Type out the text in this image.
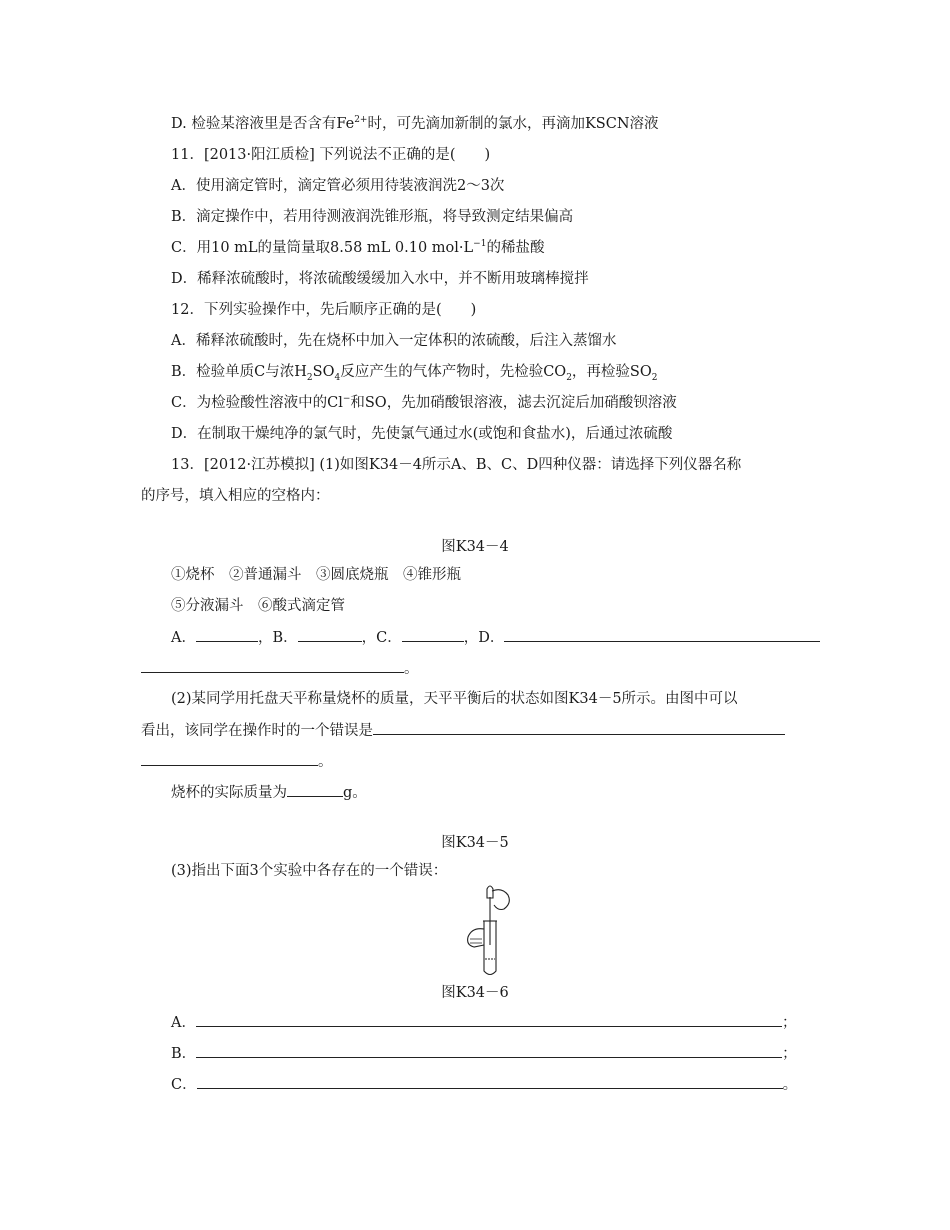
D. 检验某溶液里是否含有$Fe^{2+}$时，可先滴加新制的氯水，再滴加KSCN溶液
11．[2013·阳江质检] 下列说法不正确的是(　　)
A．使用滴定管时，滴定管必须用待装液润洗2～3次
B．滴定操作中，若用待测液润洗锥形瓶，将导致测定结果偏高
C．用10 mL的量筒量取8.58 mL 0.10 $mol\cdot L^{-1}$的稀盐酸
D．稀释浓硫酸时，将浓硫酸缓缓加入水中，并不断用玻璃棒搅拌
12．下列实验操作中，先后顺序正确的是(　　)
A．稀释浓硫酸时，先在烧杯中加入一定体积的浓硫酸，后注入蒸馏水
B．检验单质C与浓$H_2SO_4$反应产生的气体产物时，先检验$CO_2$，再检验$SO_2$
C．为检验酸性溶液中的Cl−和SO，先加硝酸银溶液，滤去沉淀后加硝酸钡溶液
D．在制取干燥纯净的氯气时，先使氯气通过水(或饱和食盐水)，后通过浓硫酸
13．[2012·江苏模拟] (1)如图K34－4所示A、B、C、D四种仪器：请选择下列仪器名称
的序号，填入相应的空格内：
图K34－4
①烧杯　②普通漏斗　③圆底烧瓶　④锥形瓶
⑤分液漏斗　⑥酸式滴定管
A．	，B．	，C．	，D．
。
(2)某同学用托盘天平称量烧杯的质量，天平平衡后的状态如图K34－5所示。由图中可以
看出，该同学在操作时的一个错误是
。
烧杯的实际质量为	g。
图K34－5
(3)指出下面3个实验中各存在的一个错误：
图K34－6
A．	；
B．	；
C．	。
